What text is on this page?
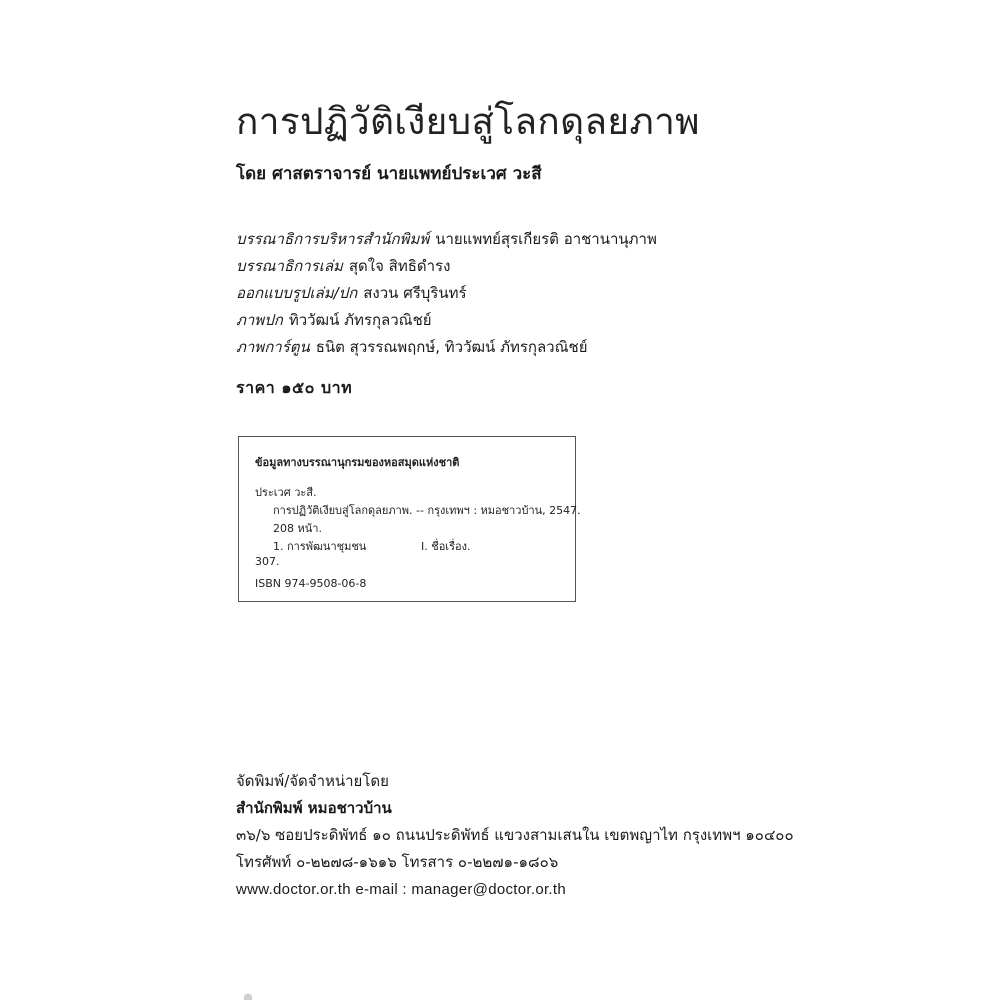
การปฏิวัติเงียบสู่โลกดุลยภาพ
โดย ศาสตราจารย์ นายแพทย์ประเวศ วะสี
บรรณาธิการบริหารสำนักพิมพ์ นายแพทย์สุรเกียรติ อาชานานุภาพ
บรรณาธิการเล่ม สุดใจ สิทธิดำรง
ออกแบบรูปเล่ม/ปก สงวน ศรีบุรินทร์
ภาพปก ทิววัฒน์ ภัทรกุลวณิชย์
ภาพการ์ตูน ธนิต สุวรรณพฤกษ์, ทิววัฒน์ ภัทรกุลวณิชย์
ราคา ๑๕๐ บาท
ข้อมูลทางบรรณานุกรมของหอสมุดแห่งชาติ
ประเวศ วะสี.
การปฏิวัติเงียบสู่โลกดุลยภาพ. -- กรุงเทพฯ : หมอชาวบ้าน, 2547.
208 หน้า.
1. การพัฒนาชุมชน	I. ชื่อเรื่อง.
307.
ISBN 974-9508-06-8
จัดพิมพ์/จัดจำหน่ายโดย
สำนักพิมพ์ หมอชาวบ้าน
๓๖/๖ ซอยประดิพัทธ์ ๑๐ ถนนประดิพัทธ์ แขวงสามเสนใน เขตพญาไท กรุงเทพฯ ๑๐๔๐๐
โทรศัพท์ ๐-๒๒๗๘-๑๖๑๖ โทรสาร ๐-๒๒๗๑-๑๘๐๖
www.doctor.or.th e-mail : manager@doctor.or.th
